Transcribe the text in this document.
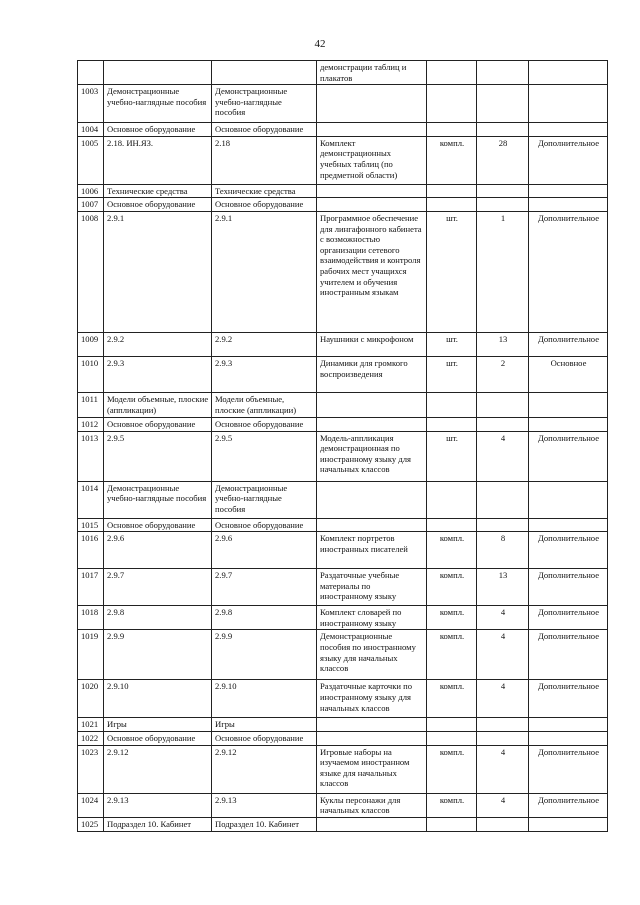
42
			демонстрации таблиц и плакатов			
1003	Демонстрационные учебно-наглядные пособия	Демонстрационные учебно-наглядные пособия				
1004	Основное оборудование	Основное оборудование				
1005	2.18. ИН.ЯЗ.	2.18	Комплект демонстрационных учебных таблиц (по предметной области)	компл.	28	Дополнительное
1006	Технические средства	Технические средства				
1007	Основное оборудование	Основное оборудование				
1008	2.9.1	2.9.1	Программное обеспечение для лингафонного кабинета с возможностью организации сетевого взаимодействия и контроля рабочих мест учащихся учителем и обучения иностранным языкам	шт.	1	Дополнительное
1009	2.9.2	2.9.2	Наушники с микрофоном	шт.	13	Дополнительное
1010	2.9.3	2.9.3	Динамики для громкого воспроизведения	шт.	2	Основное
1011	Модели объемные, плоские (аппликации)	Модели объемные, плоские (аппликации)				
1012	Основное оборудование	Основное оборудование				
1013	2.9.5	2.9.5	Модель-аппликация демонстрационная по иностранному языку для начальных классов	шт.	4	Дополнительное
1014	Демонстрационные учебно-наглядные пособия	Демонстрационные учебно-наглядные пособия				
1015	Основное оборудование	Основное оборудование				
1016	2.9.6	2.9.6	Комплект портретов иностранных писателей	компл.	8	Дополнительное
1017	2.9.7	2.9.7	Раздаточные учебные материалы по иностранному языку	компл.	13	Дополнительное
1018	2.9.8	2.9.8	Комплект словарей по иностранному языку	компл.	4	Дополнительное
1019	2.9.9	2.9.9	Демонстрационные пособия по иностранному языку для начальных классов	компл.	4	Дополнительное
1020	2.9.10	2.9.10	Раздаточные карточки по иностранному языку для начальных классов	компл.	4	Дополнительное
1021	Игры	Игры				
1022	Основное оборудование	Основное оборудование				
1023	2.9.12	2.9.12	Игровые наборы на изучаемом иностранном языке для начальных классов	компл.	4	Дополнительное
1024	2.9.13	2.9.13	Куклы персонажи для начальных классов	компл.	4	Дополнительное
1025	Подраздел 10. Кабинет	Подраздел 10. Кабинет				
